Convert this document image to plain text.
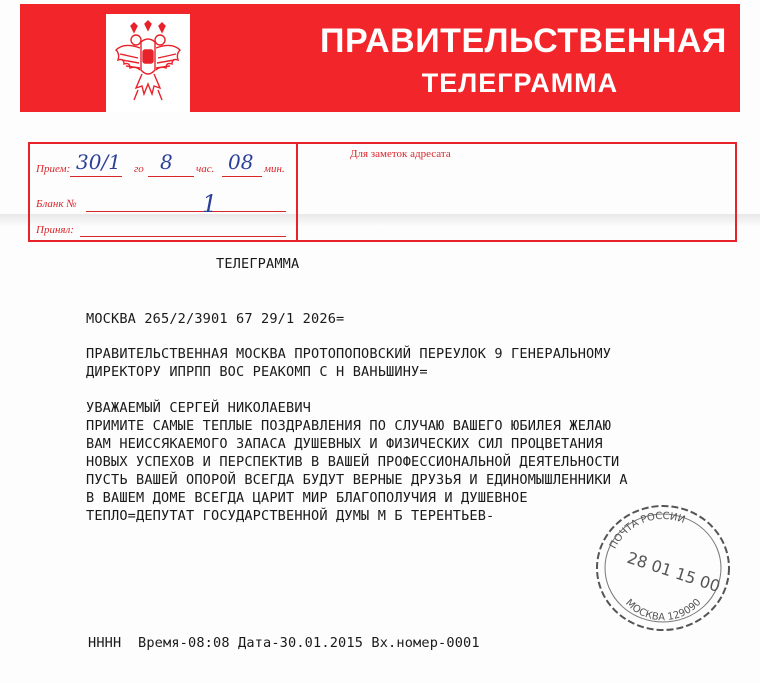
ПРАВИТЕЛЬСТВЕННАЯ
ТЕЛЕГРАММА
Прием: 30/1 го 8 час. 08 мин.
Бланк №	1
Принял:
Для заметок адресата
ТЕЛЕГРАММА
МОСКВА 265/2/3901 67 29/1 2026=
ПРАВИТЕЛЬСТВЕННАЯ МОСКВА ПРОТОПОПОВСКИЙ ПЕРЕУЛОК 9 ГЕНЕРАЛЬНОМУ
ДИРЕКТОРУ ИПРПП ВОС РЕАКОМП С Н ВАНЬШИНУ=
УВАЖАЕМЫЙ СЕРГЕЙ НИКОЛАЕВИЧ
ПРИМИТЕ САМЫЕ ТЕПЛЫЕ ПОЗДРАВЛЕНИЯ ПО СЛУЧАЮ ВАШЕГО ЮБИЛЕЯ ЖЕЛАЮ
ВАМ НЕИССЯКАЕМОГО ЗАПАСА ДУШЕВНЫХ И ФИЗИЧЕСКИХ СИЛ ПРОЦВЕТАНИЯ
НОВЫХ УСПЕХОВ И ПЕРСПЕКТИВ В ВАШЕЙ ПРОФЕССИОНАЛЬНОЙ ДЕЯТЕЛЬНОСТИ
ПУСТЬ ВАШЕЙ ОПОРОЙ ВСЕГДА БУДУТ ВЕРНЫЕ ДРУЗЬЯ И ЕДИНОМЫШЛЕННИКИ А
В ВАШЕМ ДОМЕ ВСЕГДА ЦАРИТ МИР БЛАГОПОЛУЧИЯ И ДУШЕВНОЕ
ТЕПЛО=ДЕПУТАТ ГОСУДАРСТВЕННОЙ ДУМЫ М Б ТЕРЕНТЬЕВ-
НННН  Время-08:08 Дата-30.01.2015 Вх.номер-0001
ПОЧТА РОССИИ
МОСКВА 129090
28 01 15 00
